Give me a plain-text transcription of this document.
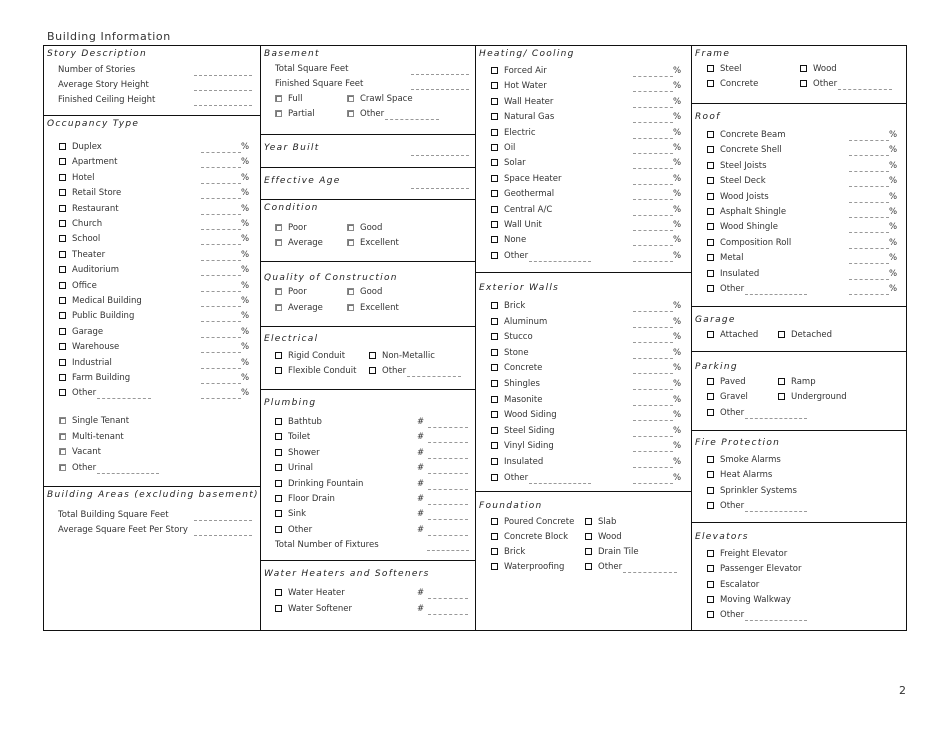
Building Information
Story Description
Number of Stories
Average Story Height
Finished Ceiling Height
Occupancy Type
Duplex	%
Apartment	%
Hotel	%
Retail Store	%
Restaurant	%
Church	%
School	%
Theater	%
Auditorium	%
Office	%
Medical Building	%
Public Building	%
Garage	%
Warehouse	%
Industrial	%
Farm Building	%
Other	%
Single Tenant
Multi-tenant
Vacant
Other
Building Areas (excluding basement)
Total Building Square Feet
Average Square Feet Per Story
Basement
Total Square Feet
Finished Square Feet
Full	Crawl Space
Partial	Other
Year Built
Effective Age
Condition
Poor	Good
Average	Excellent
Quality of Construction
Poor	Good
Average	Excellent
Electrical
Rigid Conduit	Non-Metallic
Flexible Conduit	Other
Plumbing
Bathtub	#
Toilet	#
Shower	#
Urinal	#
Drinking Fountain	#
Floor Drain	#
Sink	#
Other	#
Total Number of Fixtures
Water Heaters and Softeners
Water Heater	#
Water Softener	#
Heating/ Cooling
Forced Air	%
Hot Water	%
Wall Heater	%
Natural Gas	%
Electric	%
Oil	%
Solar	%
Space Heater	%
Geothermal	%
Central A/C	%
Wall Unit	%
None	%
Other	%
Exterior Walls
Brick	%
Aluminum	%
Stucco	%
Stone	%
Concrete	%
Shingles	%
Masonite	%
Wood Siding	%
Steel Siding	%
Vinyl Siding	%
Insulated	%
Other	%
Foundation
Poured Concrete	Slab
Concrete Block	Wood
Brick	Drain Tile
Waterproofing	Other
Frame
Steel	Wood
Concrete	Other
Roof
Concrete Beam	%
Concrete Shell	%
Steel Joists	%
Steel Deck	%
Wood Joists	%
Asphalt Shingle	%
Wood Shingle	%
Composition Roll	%
Metal	%
Insulated	%
Other	%
Garage
Attached	Detached
Parking
Paved	Ramp
Gravel	Underground
Other
Fire Protection
Smoke Alarms
Heat Alarms
Sprinkler Systems
Other
Elevators
Freight Elevator
Passenger Elevator
Escalator
Moving Walkway
Other
2
